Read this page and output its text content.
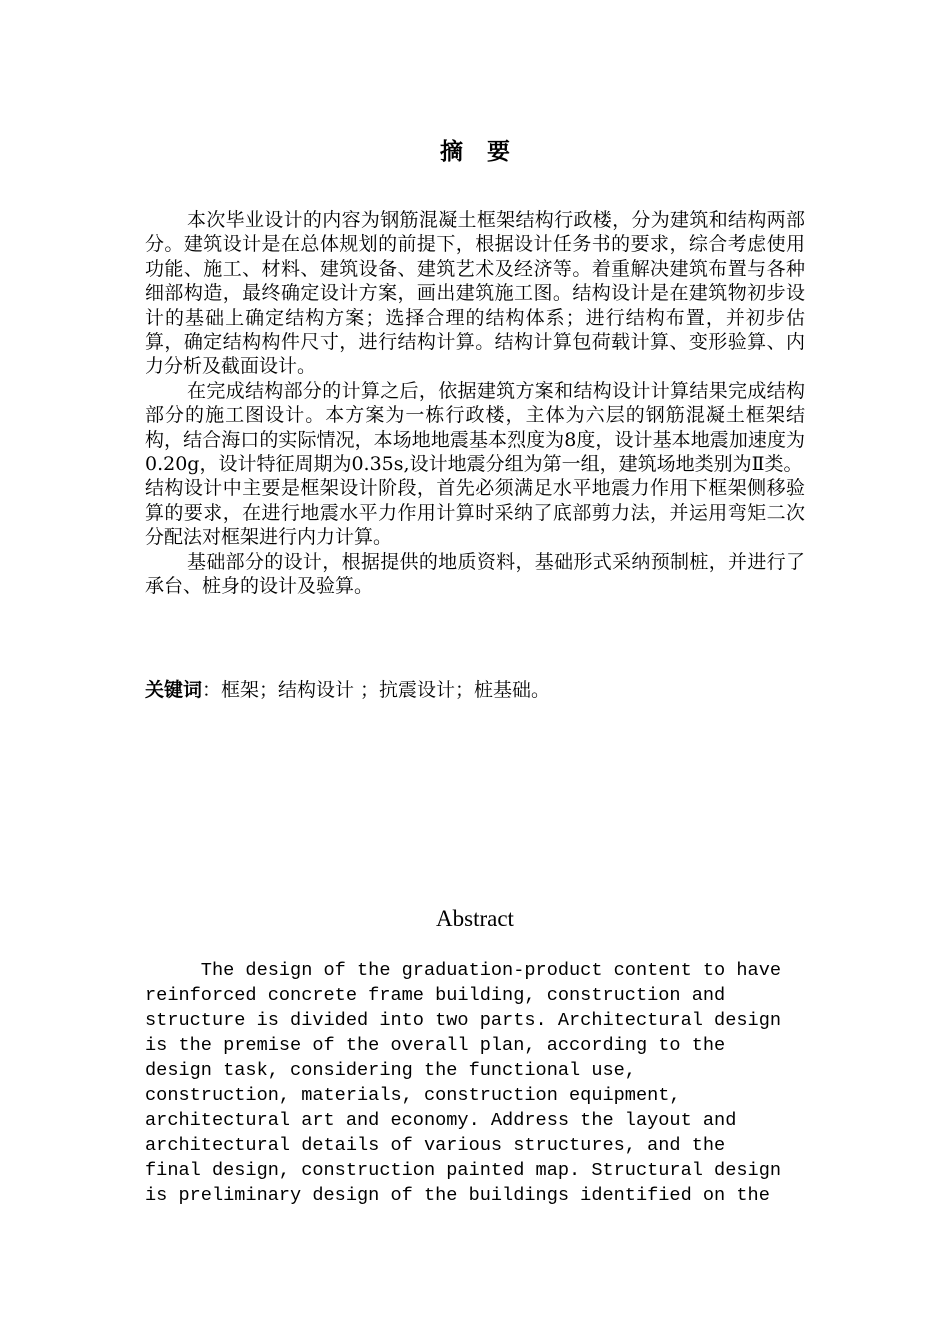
摘要

本次毕业设计的内容为钢筋混凝土框架结构行政楼，分为建筑和结构两部分。建筑设计是在总体规划的前提下，根据设计任务书的要求，综合考虑使用功能、施工、材料、建筑设备、建筑艺术及经济等。着重解决建筑布置与各种细部构造，最终确定设计方案，画出建筑施工图。结构设计是在建筑物初步设计的基础上确定结构方案；选择合理的结构体系；进行结构布置，并初步估算，确定结构构件尺寸，进行结构计算。结构计算包荷载计算、变形验算、内力分析及截面设计。

在完成结构部分的计算之后，依据建筑方案和结构设计计算结果完成结构部分的施工图设计。本方案为一栋行政楼，主体为六层的钢筋混凝土框架结构，结合海口的实际情况，本场地地震基本烈度为8度，设计基本地震加速度为0.20g，设计特征周期为0.35s,设计地震分组为第一组，建筑场地类别为Ⅱ类。

结构设计中主要是框架设计阶段，首先必须满足水平地震力作用下框架侧移验算的要求，在进行地震水平力作用计算时采纳了底部剪力法，并运用弯矩二次分配法对框架进行内力计算。

基础部分的设计，根据提供的地质资料，基础形式采纳预制桩，并进行了承台、桩身的设计及验算。

关键词：框架；结构设计 ；抗震设计；桩基础。
Abstract
The design of the graduation-product content to have
reinforced concrete frame building, construction and
structure is divided into two parts. Architectural design
is the premise of the overall plan, according to the
design task, considering the functional use,
construction, materials, construction equipment,
architectural art and economy. Address the layout and
architectural details of various structures, and the
final design, construction painted map. Structural design
is preliminary design of the buildings identified on the
